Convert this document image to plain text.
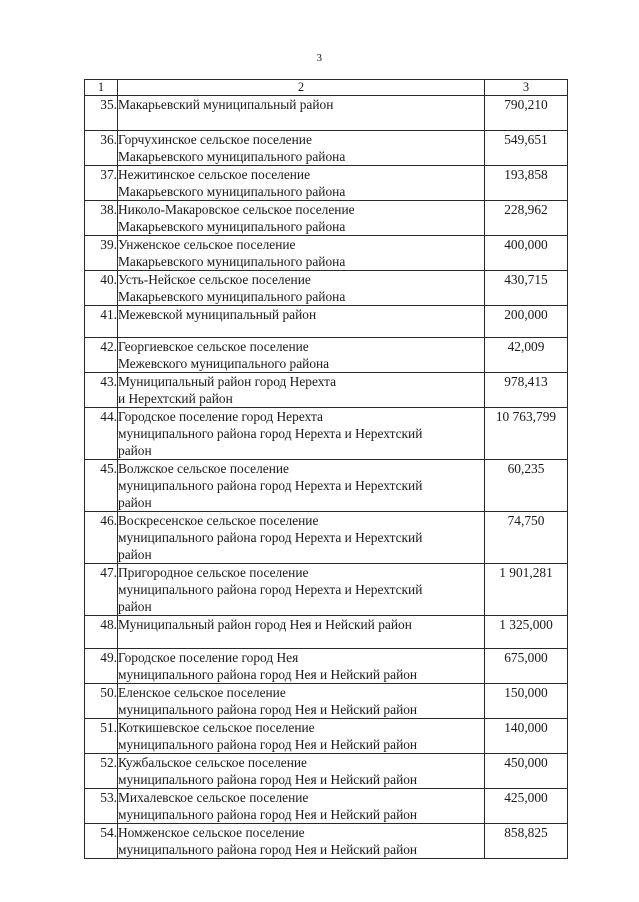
3
1	2	3
35.	Макарьевский муниципальный район	790,210
36.	Горчухинское сельское поселение
Макарьевского муниципального района	549,651
37.	Нежитинское сельское поселение
Макарьевского муниципального района	193,858
38.	Николо-Макаровское сельское поселение
Макарьевского муниципального района	228,962
39.	Унженское сельское поселение
Макарьевского муниципального района	400,000
40.	Усть-Нейское сельское поселение
Макарьевского муниципального района	430,715
41.	Межевской муниципальный район	200,000
42.	Георгиевское сельское поселение
Межевского муниципального района	42,009
43.	Муниципальный район город Нерехта
и Нерехтский район	978,413
44.	Городское поселение город Нерехта
муниципального района город Нерехта и Нерехтский
район	10 763,799
45.	Волжское сельское поселение
муниципального района город Нерехта и Нерехтский
район	60,235
46.	Воскресенское сельское поселение
муниципального района город Нерехта и Нерехтский
район	74,750
47.	Пригородное сельское поселение
муниципального района город Нерехта и Нерехтский
район	1 901,281
48.	Муниципальный район город Нея и Нейский район	1 325,000
49.	Городское поселение город Нея
муниципального района город Нея и Нейский район	675,000
50.	Еленское сельское поселение
муниципального района город Нея и Нейский район	150,000
51.	Коткишевское сельское поселение
муниципального района город Нея и Нейский район	140,000
52.	Кужбальское сельское поселение
муниципального района город Нея и Нейский район	450,000
53.	Михалевское сельское поселение
муниципального района город Нея и Нейский район	425,000
54.	Номженское сельское поселение
муниципального района город Нея и Нейский район	858,825
